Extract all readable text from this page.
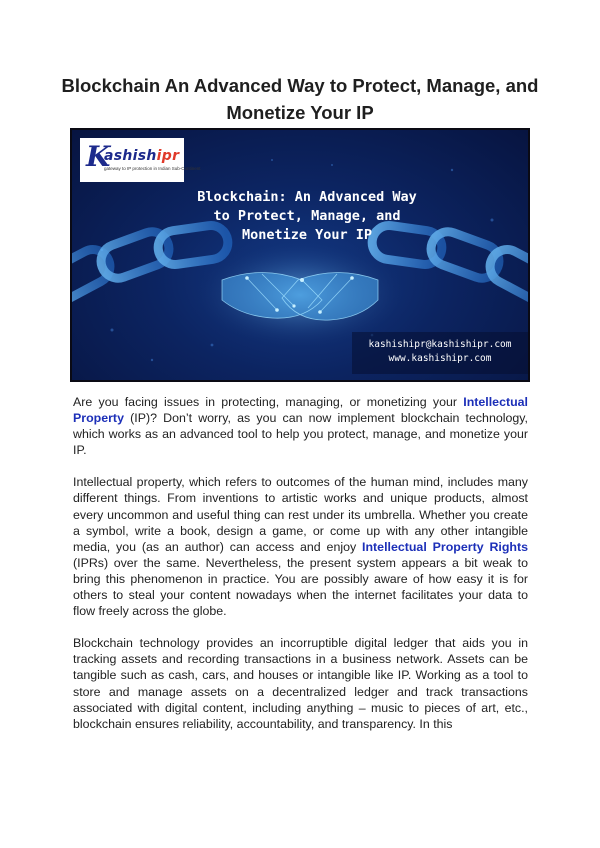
Blockchain An Advanced Way to Protect, Manage, and Monetize Your IP
K
ashishipr
gateway to IP protection in Indian Sub-Continent
Blockchain: An Advanced Way
to Protect, Manage, and
Monetize Your IP
kashishipr@kashishipr.com
www.kashishipr.com

Are you facing issues in protecting, managing, or monetizing your Intellectual Property (IP)? Don’t worry, as you can now implement blockchain technology, which works as an advanced tool to help you protect, manage, and monetize your IP.

Intellectual property, which refers to outcomes of the human mind, includes many different things. From inventions to artistic works and unique products, almost every uncommon and useful thing can rest under its umbrella. Whether you create a symbol, write a book, design a game, or come up with any other intangible media, you (as an author) can access and enjoy Intellectual Property Rights (IPRs) over the same. Nevertheless, the present system appears a bit weak to bring this phenomenon in practice. You are possibly aware of how easy it is for others to steal your content nowadays when the internet facilitates your data to flow freely across the globe.

Blockchain technology provides an incorruptible digital ledger that aids you in tracking assets and recording transactions in a business network. Assets can be tangible such as cash, cars, and houses or intangible like IP. Working as a tool to store and manage assets on a decentralized ledger and track transactions associated with digital content, including anything – music to pieces of art, etc., blockchain ensures reliability, accountability, and transparency. In this
